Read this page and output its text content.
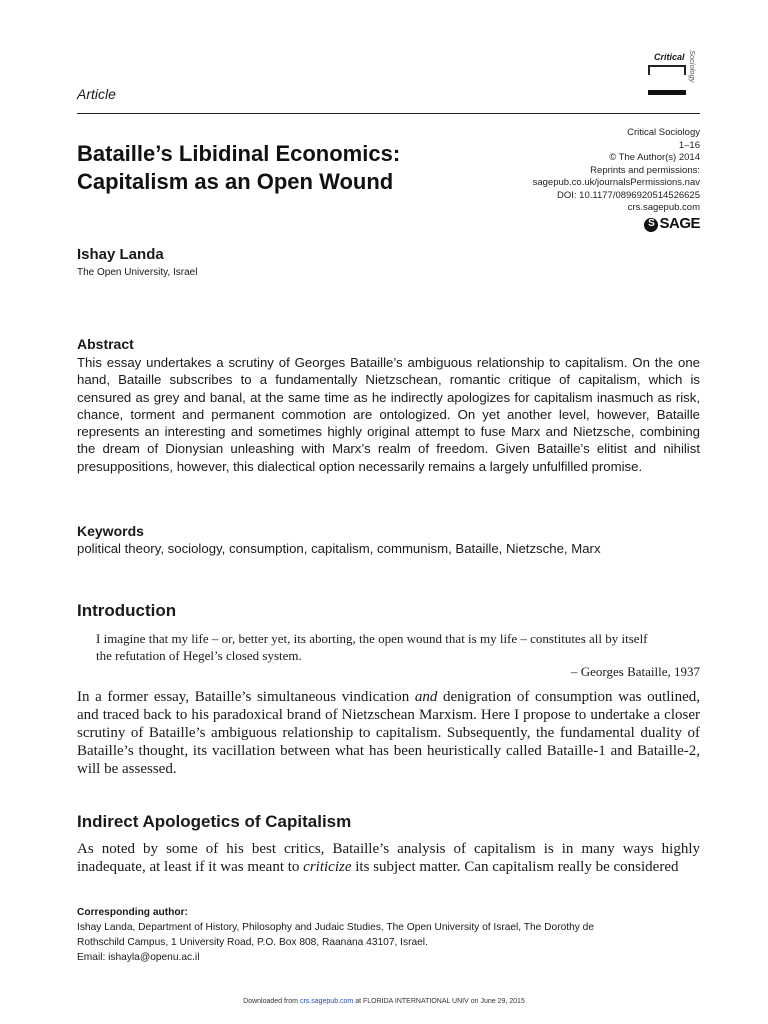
Critical Sociology
Article
Bataille’s Libidinal Economics: Capitalism as an Open Wound
Critical Sociology
1–16
© The Author(s) 2014
Reprints and permissions:
sagepub.co.uk/journalsPermissions.nav
DOI: 10.1177/0896920514526625
crs.sagepub.com
S SAGE
Ishay Landa
The Open University, Israel
Abstract

This essay undertakes a scrutiny of Georges Bataille’s ambiguous relationship to capitalism. On the one hand, Bataille subscribes to a fundamentally Nietzschean, romantic critique of capitalism, which is censured as grey and banal, at the same time as he indirectly apologizes for capitalism inasmuch as risk, chance, torment and permanent commotion are ontologized. On yet another level, however, Bataille represents an interesting and sometimes highly original attempt to fuse Marx and Nietzsche, combining the dream of Dionysian unleashing with Marx’s realm of freedom. Given Bataille’s elitist and nihilist presuppositions, however, this dialectical option necessarily remains a largely unfulfilled promise.

Keywords

political theory, sociology, consumption, capitalism, communism, Bataille, Nietzsche, Marx

Introduction
I imagine that my life – or, better yet, its aborting, the open wound that is my life – constitutes all by itself
the refutation of Hegel’s closed system.
– Georges Bataille, 1937

In a former essay, Bataille’s simultaneous vindication and denigration of consumption was outlined, and traced back to his paradoxical brand of Nietzschean Marxism. Here I propose to undertake a closer scrutiny of Bataille’s ambiguous relationship to capitalism. Subsequently, the fundamental duality of Bataille’s thought, its vacillation between what has been heuristically called Bataille-1 and Bataille-2, will be assessed.

Indirect Apologetics of Capitalism

As noted by some of his best critics, Bataille’s analysis of capitalism is in many ways highly inadequate, at least if it was meant to criticize its subject matter. Can capitalism really be considered

Corresponding author:
Ishay Landa, Department of History, Philosophy and Judaic Studies, The Open University of Israel, The Dorothy de
Rothschild Campus, 1 University Road, P.O. Box 808, Raanana 43107, Israel.
Email: ishayla@openu.ac.il
Downloaded from crs.sagepub.com at FLORIDA INTERNATIONAL UNIV on June 29, 2015
